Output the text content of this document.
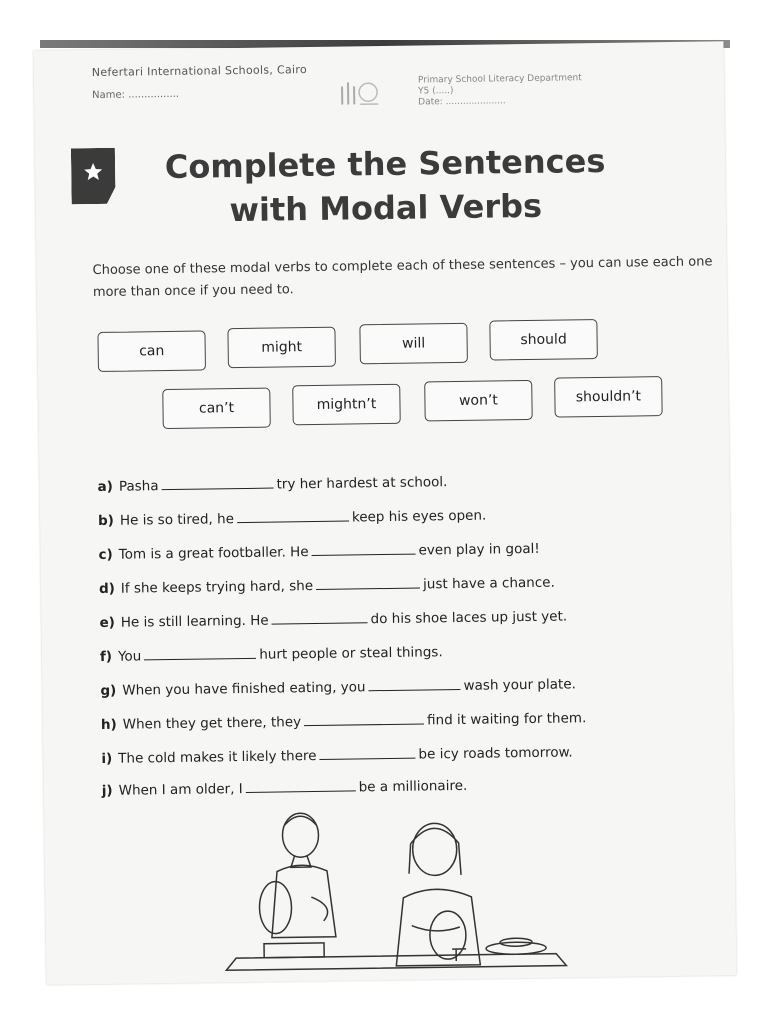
Nefertari International Schools, Cairo
Name: ................
Primary School Literacy Department
Y5 (.....)
Date: .....................
Complete the Sentences
with Modal Verbs
Choose one of these modal verbs to complete each of these sentences – you can use each one more than once if you need to.
can	might	will	should
can’t	mightn’t	won’t	shouldn’t
a) Pasha	try her hardest at school.
b) He is so tired, he	keep his eyes open.
c) Tom is a great footballer. He	even play in goal!
d) If she keeps trying hard, she	just have a chance.
e) He is still learning. He	do his shoe laces up just yet.
f) You	hurt people or steal things.
g) When you have finished eating, you	wash your plate.
h) When they get there, they	find it waiting for them.
i) The cold makes it likely there	be icy roads tomorrow.
j) When I am older, I	be a millionaire.
